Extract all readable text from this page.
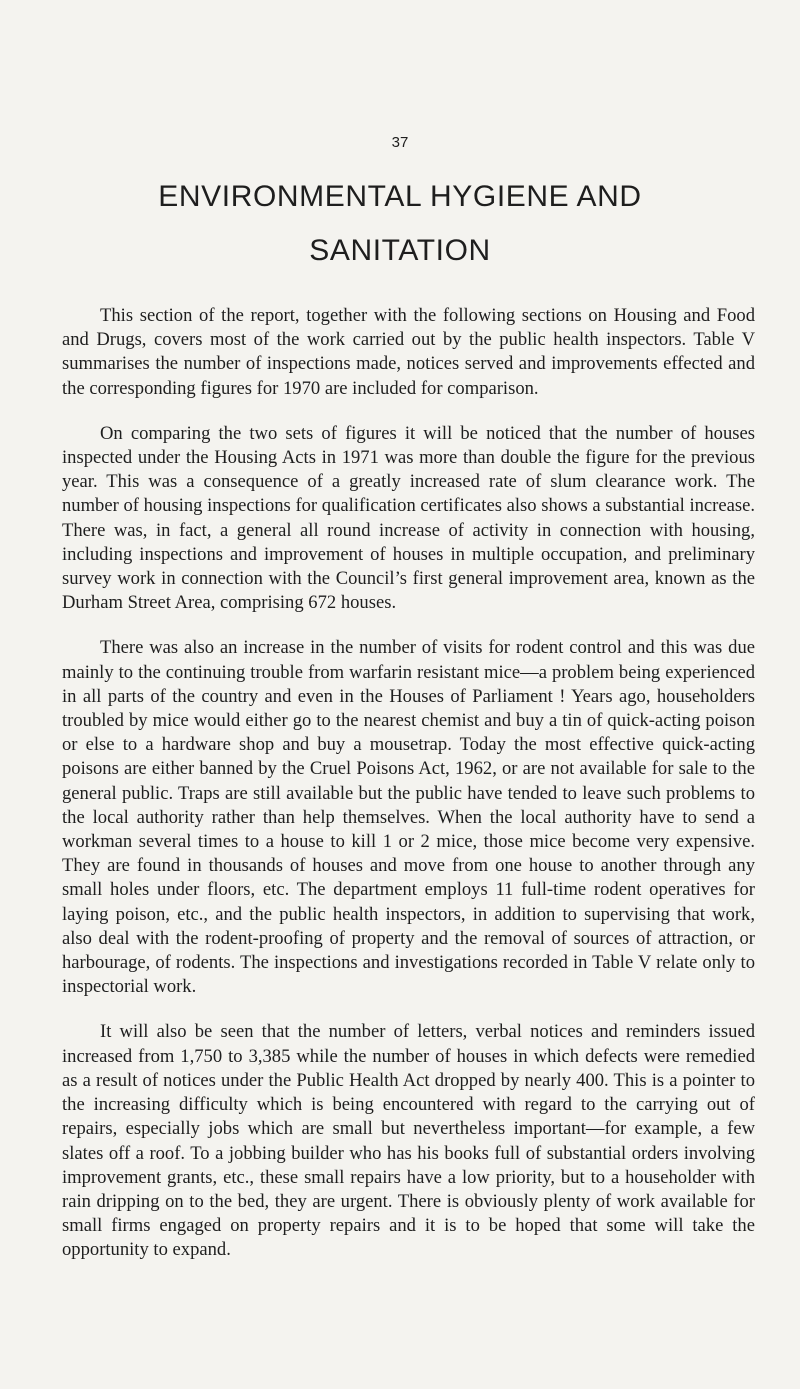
37
ENVIRONMENTAL HYGIENE AND
SANITATION

This section of the report, together with the following sections on Housing and Food and Drugs, covers most of the work carried out by the public health inspectors. Table V summarises the number of inspections made, notices served and improvements effected and the corresponding figures for 1970 are included for comparison.

On comparing the two sets of figures it will be noticed that the number of houses inspected under the Housing Acts in 1971 was more than double the figure for the previous year. This was a consequence of a greatly increased rate of slum clearance work. The number of housing inspections for qualification certificates also shows a substantial increase. There was, in fact, a general all round increase of activity in connection with housing, including inspections and improvement of houses in multiple occupation, and preliminary survey work in connection with the Council’s first general improvement area, known as the Durham Street Area, comprising 672 houses.

There was also an increase in the number of visits for rodent control and this was due mainly to the continuing trouble from warfarin resistant mice—a problem being experienced in all parts of the country and even in the Houses of Parliament ! Years ago, householders troubled by mice would either go to the nearest chemist and buy a tin of quick-acting poison or else to a hardware shop and buy a mousetrap. Today the most effective quick-acting poisons are either banned by the Cruel Poisons Act, 1962, or are not available for sale to the general public. Traps are still available but the public have tended to leave such problems to the local authority rather than help themselves. When the local authority have to send a workman several times to a house to kill 1 or 2 mice, those mice become very expensive. They are found in thousands of houses and move from one house to another through any small holes under floors, etc. The department employs 11 full-time rodent operatives for laying poison, etc., and the public health inspectors, in addition to supervising that work, also deal with the rodent-proofing of property and the removal of sources of attraction, or harbourage, of rodents. The inspections and investigations recorded in Table V relate only to inspectorial work.

It will also be seen that the number of letters, verbal notices and reminders issued increased from 1,750 to 3,385 while the number of houses in which defects were remedied as a result of notices under the Public Health Act dropped by nearly 400. This is a pointer to the increasing difficulty which is being encountered with regard to the carrying out of repairs, especially jobs which are small but nevertheless important—for example, a few slates off a roof. To a jobbing builder who has his books full of substantial orders involving improvement grants, etc., these small repairs have a low priority, but to a householder with rain dripping on to the bed, they are urgent. There is obviously plenty of work available for small firms engaged on property repairs and it is to be hoped that some will take the opportunity to expand.
